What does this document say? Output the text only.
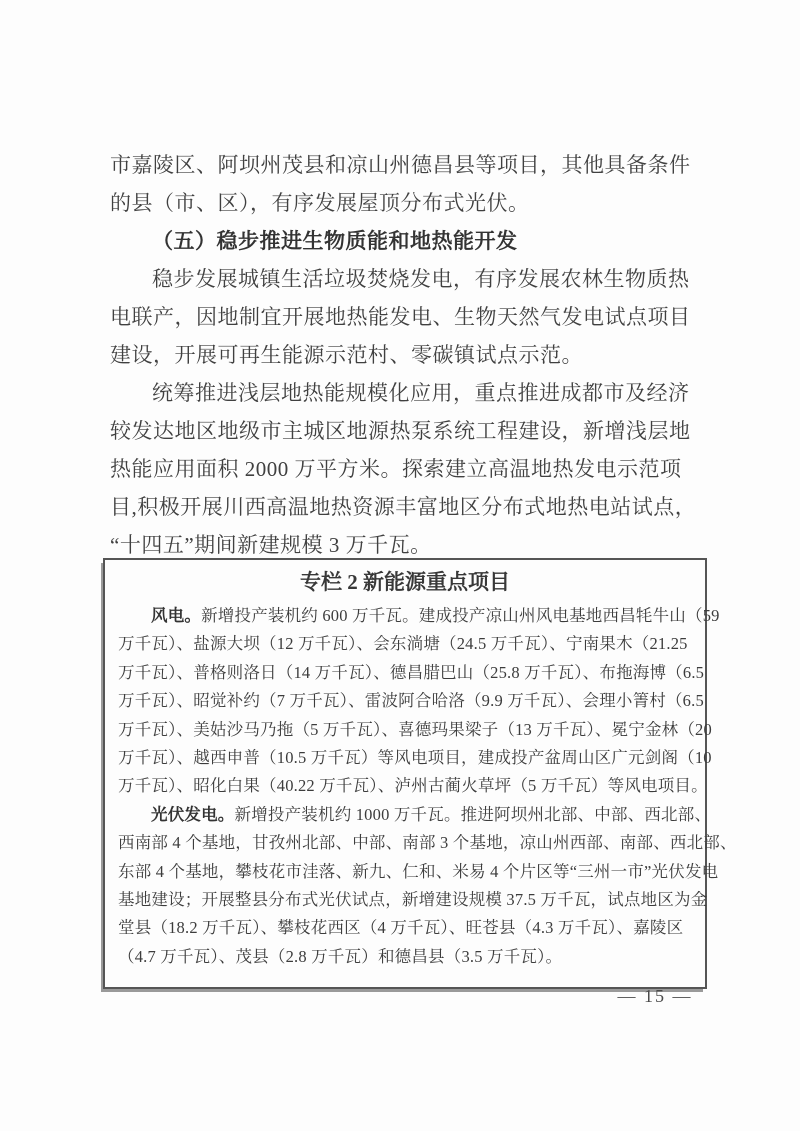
市嘉陵区、阿坝州茂县和凉山州德昌县等项目，其他具备条件
的县（市、区），有序发展屋顶分布式光伏。
（五）稳步推进生物质能和地热能开发
稳步发展城镇生活垃圾焚烧发电，有序发展农林生物质热
电联产，因地制宜开展地热能发电、生物天然气发电试点项目
建设，开展可再生能源示范村、零碳镇试点示范。
统筹推进浅层地热能规模化应用，重点推进成都市及经济
较发达地区地级市主城区地源热泵系统工程建设，新增浅层地
热能应用面积 2000 万平方米。探索建立高温地热发电示范项
目,积极开展川西高温地热资源丰富地区分布式地热电站试点，
“十四五”期间新建规模 3 万千瓦。
专栏 2 新能源重点项目
风电。新增投产装机约 600 万千瓦。建成投产凉山州风电基地西昌牦牛山（59
万千瓦）、盐源大坝（12 万千瓦）、会东淌塘（24.5 万千瓦）、宁南果木（21.25
万千瓦）、普格则洛日（14 万千瓦）、德昌腊巴山（25.8 万千瓦）、布拖海博（6.5
万千瓦）、昭觉补约（7 万千瓦）、雷波阿合哈洛（9.9 万千瓦）、会理小箐村（6.5
万千瓦）、美姑沙马乃拖（5 万千瓦）、喜德玛果梁子（13 万千瓦）、冕宁金林（20
万千瓦）、越西申普（10.5 万千瓦）等风电项目，建成投产盆周山区广元剑阁（10
万千瓦）、昭化白果（40.22 万千瓦）、泸州古蔺火草坪（5 万千瓦）等风电项目。
光伏发电。新增投产装机约 1000 万千瓦。推进阿坝州北部、中部、西北部、
西南部 4 个基地，甘孜州北部、中部、南部 3 个基地，凉山州西部、南部、西北部、
东部 4 个基地，攀枝花市洼落、新九、仁和、米易 4 个片区等“三州一市”光伏发电
基地建设；开展整县分布式光伏试点，新增建设规模 37.5 万千瓦，试点地区为金
堂县（18.2 万千瓦）、攀枝花西区（4 万千瓦）、旺苍县（4.3 万千瓦）、嘉陵区
（4.7 万千瓦）、茂县（2.8 万千瓦）和德昌县（3.5 万千瓦）。
— 15 —
